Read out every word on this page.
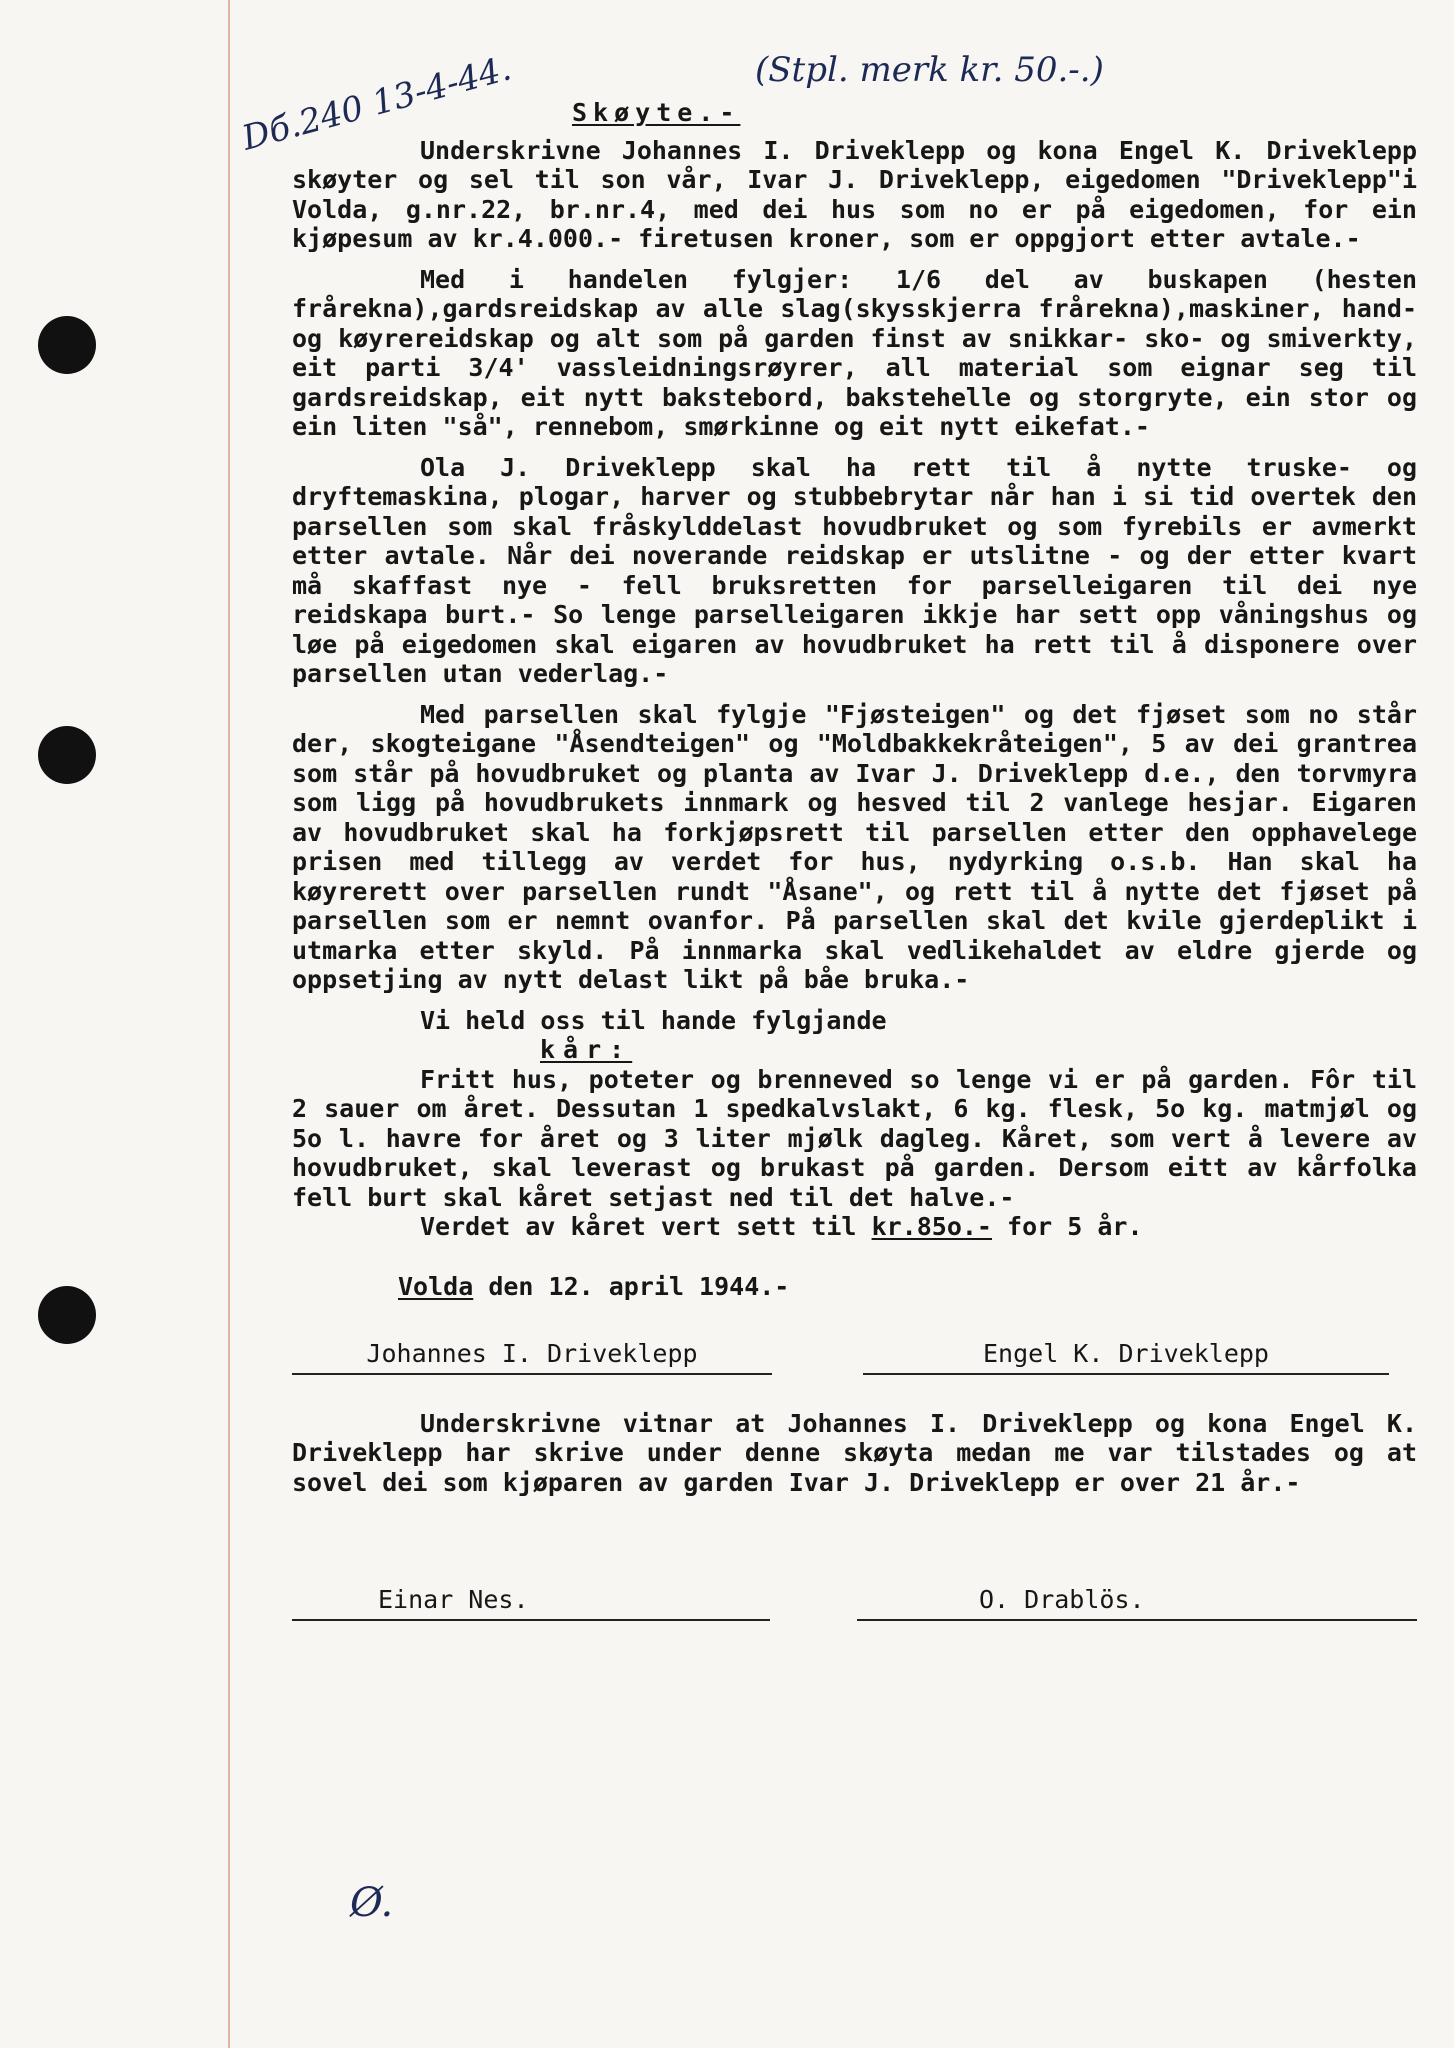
Dб.240 13-4-44.	(Stpl. merk kr. 50.-.)
Skøyte.-

Underskrivne Johannes I. Driveklepp og kona Engel K. Driveklepp skøyter og sel til son vår, Ivar J. Driveklepp, eigedomen "Driveklepp"i Volda, g.nr.22, br.nr.4, med dei hus som no er på eigedomen, for ein kjøpesum av kr.4.000.- firetusen kroner, som er oppgjort etter avtale.-

Med i handelen fylgjer: 1/6 del av buskapen (hesten fråreknа),gardsreidskap av alle slag(skysskjerra fråreknа),maskiner, hand- og køyrereidskap og alt som på garden finst av snikkar- sko- og smiverkty, eit parti 3/4' vassleidningsrøyrer, all material som eignar seg til gardsreidskap, eit nytt bakstebord, bakstehelle og storgryte, ein stor og ein liten "så", rennebom, smørkinne og eit nytt eikefat.-

Ola J. Driveklepp skal ha rett til å nytte truske- og dryftemaskina, plogar, harver og stubbebrytar når han i si tid overtek den parsellen som skal fråskylddelast hovudbruket og som fyrebils er avmerkt etter avtale. Når dei noverande reidskap er utslitne - og der etter kvart må skaffast nye - fell bruksretten for parselleigaren til dei nye reidskapa burt.- So lenge parselleigaren ikkje har sett opp våningshus og løe på eigedomen skal eigaren av hovudbruket ha rett til å disponere over parsellen utan vederlag.-

Med parsellen skal fylgje "Fjøsteigen" og det fjøset som no står der, skogteigane "Åsendteigen" og "Moldbakkekråteigen", 5 av dei grantrea som står på hovudbruket og planta av Ivar J. Driveklepp d.e., den torvmyra som ligg på hovudbrukets innmark og hesved til 2 vanlege hesjar. Eigaren av hovudbruket skal ha forkjøpsrett til parsellen etter den opphavelege prisen med tillegg av verdet for hus, nydyrking o.s.b. Han skal ha køyrerett over parsellen rundt "Åsane", og rett til å nytte det fjøset på parsellen som er nemnt ovanfor. På parsellen skal det kvile gjerdeplikt i utmarka etter skyld. På innmarka skal vedlikehaldet av eldre gjerde og oppsetjing av nytt delast likt på båe bruka.-

Vi held oss til hande fylgjande

kår:

Fritt hus, poteter og brenneved so lenge vi er på garden. Fôr til 2 sauer om året. Dessutan 1 spedkalvslakt, 6 kg. flesk, 5o kg. matmjøl og 5o l. havre for året og 3 liter mjølk dagleg. Kåret, som vert å levere av hovudbruket, skal leverast og brukast på garden. Dersom eitt av kårfolka fell burt skal kåret setjast ned til det halve.-

Verdet av kåret vert sett til kr.85o.- for 5 år.

Volda den 12. april 1944.-
Johannes I. Driveklepp	Engel K. Driveklepp

Underskrivne vitnar at Johannes I. Driveklepp og kona Engel K. Driveklepp har skrive under denne skøyta medan me var tilstades og at sovel dei som kjøparen av garden Ivar J. Driveklepp er over 21 år.-

Einar Nes.	O. Drablös.
Ø.
